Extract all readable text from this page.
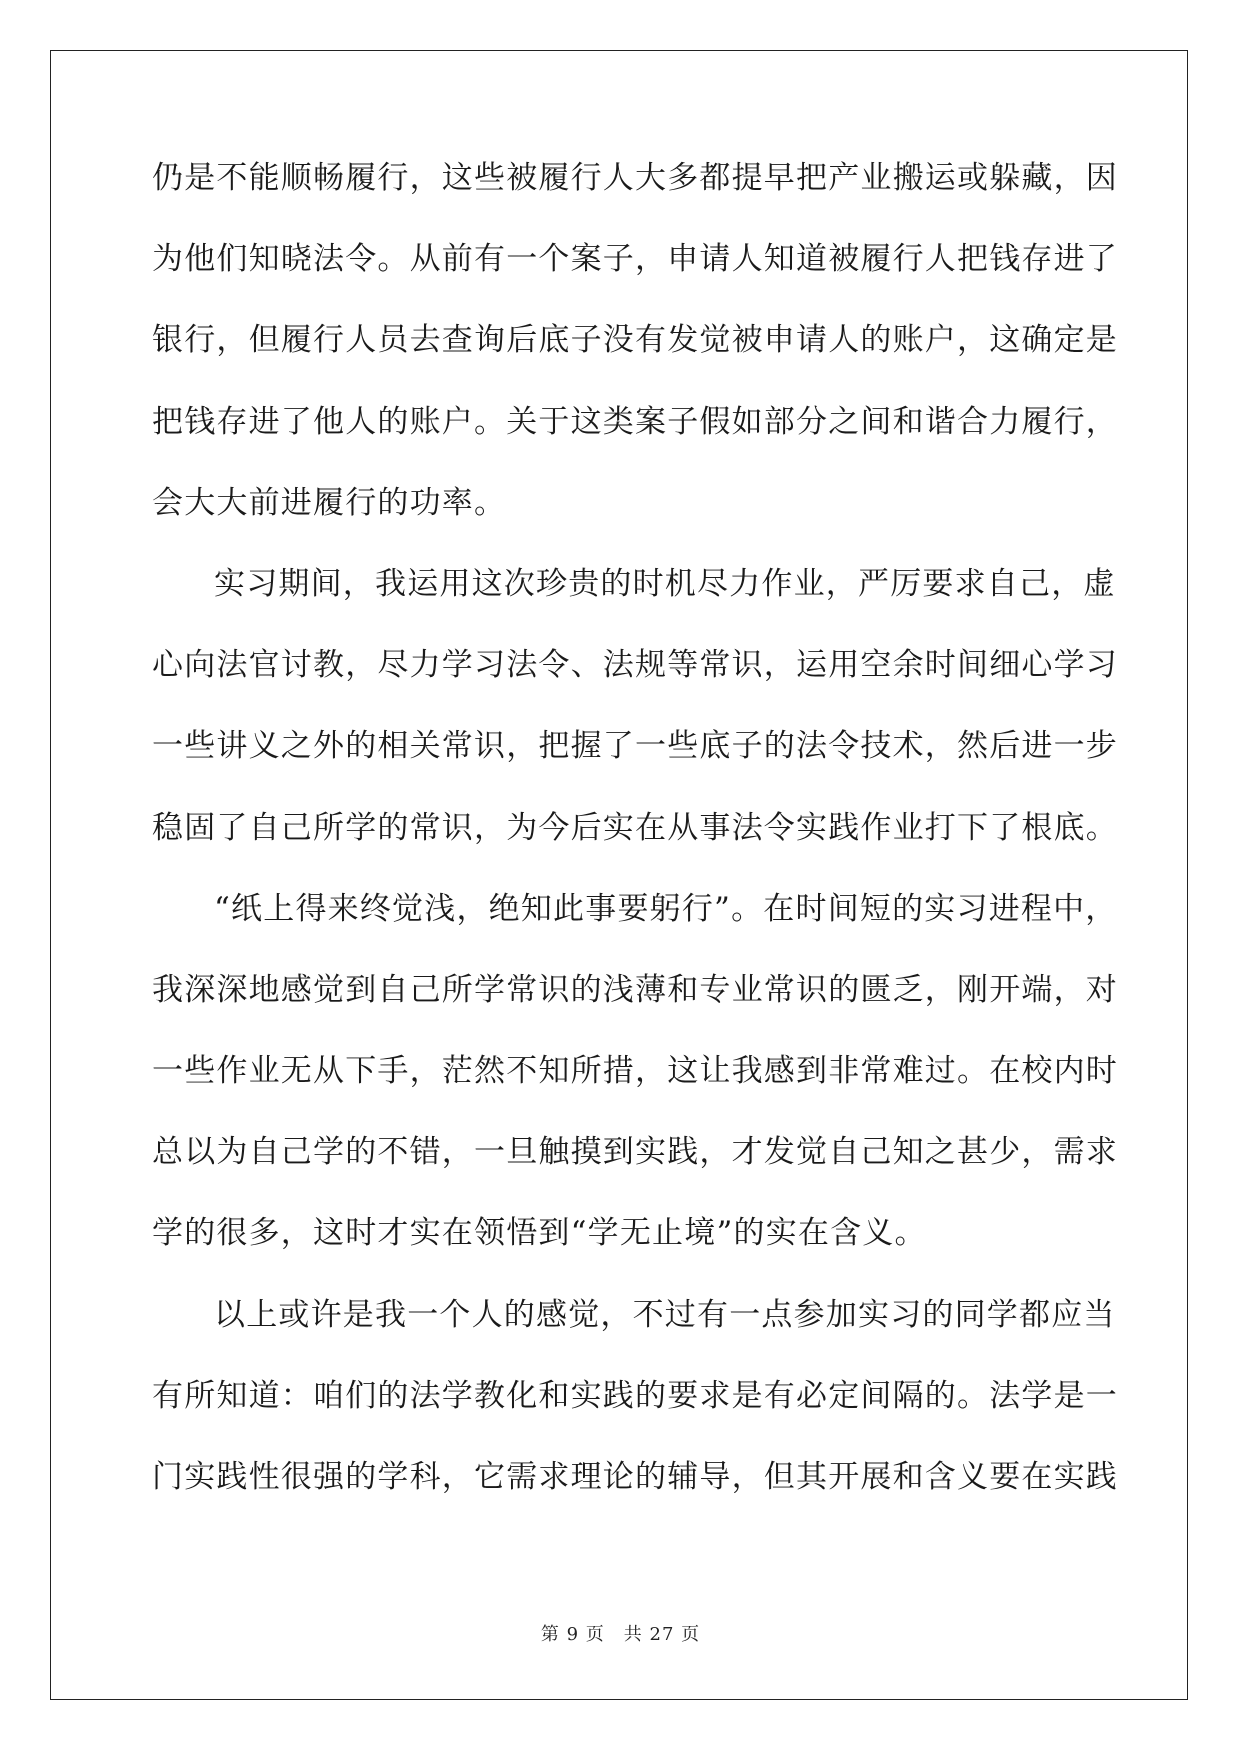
仍是不能顺畅履行，这些被履行人大多都提早把产业搬运或躲藏，因
为他们知晓法令。从前有一个案子，申请人知道被履行人把钱存进了
银行，但履行人员去查询后底子没有发觉被申请人的账户，这确定是
把钱存进了他人的账户。关于这类案子假如部分之间和谐合力履行，
会大大前进履行的功率。
实习期间，我运用这次珍贵的时机尽力作业，严厉要求自己，虚
心向法官讨教，尽力学习法令、法规等常识，运用空余时间细心学习
一些讲义之外的相关常识，把握了一些底子的法令技术，然后进一步
稳固了自己所学的常识，为今后实在从事法令实践作业打下了根底。
“纸上得来终觉浅，绝知此事要躬行”。在时间短的实习进程中，
我深深地感觉到自己所学常识的浅薄和专业常识的匮乏，刚开端，对
一些作业无从下手，茫然不知所措，这让我感到非常难过。在校内时
总以为自己学的不错，一旦触摸到实践，才发觉自己知之甚少，需求
学的很多，这时才实在领悟到“学无止境”的实在含义。
以上或许是我一个人的感觉，不过有一点参加实习的同学都应当
有所知道：咱们的法学教化和实践的要求是有必定间隔的。法学是一
门实践性很强的学科，它需求理论的辅导，但其开展和含义要在实践
第 9 页　共 27 页
